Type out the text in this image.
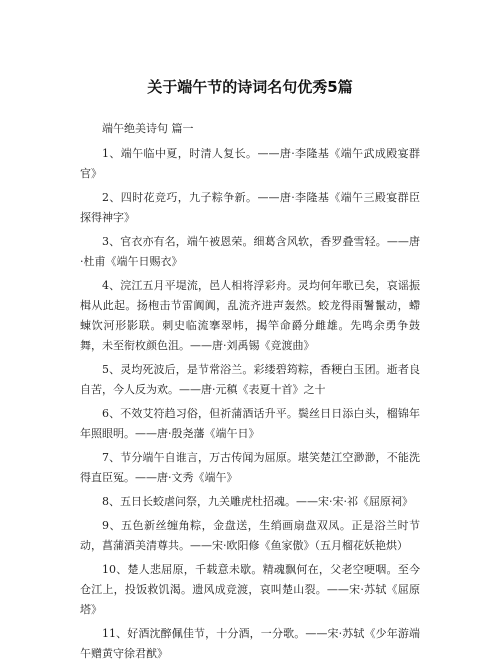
关于端午节的诗词名句优秀5篇
端午绝美诗句 篇一

1、端午临中夏，时清人复长。——唐·李隆基《端午武成殿宴群官》

2、四时花竞巧，九子粽争新。——唐·李隆基《端午三殿宴群臣探得神字》

3、官衣亦有名，端午被恩荣。细葛含风软，香罗叠雪轻。——唐·杜甫《端午日赐衣》

4、浣江五月平堤流，邑人相将浮彩舟。灵均何年歌已矣，哀谣振楫从此起。扬枹击节雷阗阗，乱流齐进声轰然。蛟龙得雨鬐鬣动，螮蝀饮河形影联。刺史临流搴翠帏，揭竿命爵分雌雄。先鸣余勇争鼓舞，未至衔枚颜色沮。——唐·刘禹锡《竞渡曲》

5、灵均死波后，是节常浴兰。彩缕碧筠粽，香粳白玉团。逝者良自苦，今人反为欢。——唐·元稹《表夏十首》之十

6、不效艾符趋习俗，但祈蒲酒话升平。鬓丝日日添白头，榴锦年年照眼明。——唐·殷尧藩《端午日》

7、节分端午自谁言，万古传闻为屈原。堪笑楚江空渺渺，不能洗得直臣冤。——唐·文秀《端午》

8、五日长蛟虐问祭，九关雕虎杜招魂。——宋·宋·祁《屈原祠》

9、五色新丝缠角粽，金盘送，生绡画扇盘双凤。正是浴兰时节动，菖蒲酒美清尊共。——宋·欧阳修《鱼家傲》（五月榴花妖艳烘）

10、楚人悲屈原，千载意未歇。精魂飘何在，父老空哽咽。至今仓江上，投饭救饥渴。遗风成竞渡，哀叫楚山裂。——宋·苏轼《屈原塔》

11、好酒沈醉佩佳节，十分酒，一分歌。——宋·苏轼《少年游端午赠黄守徐君猷》
